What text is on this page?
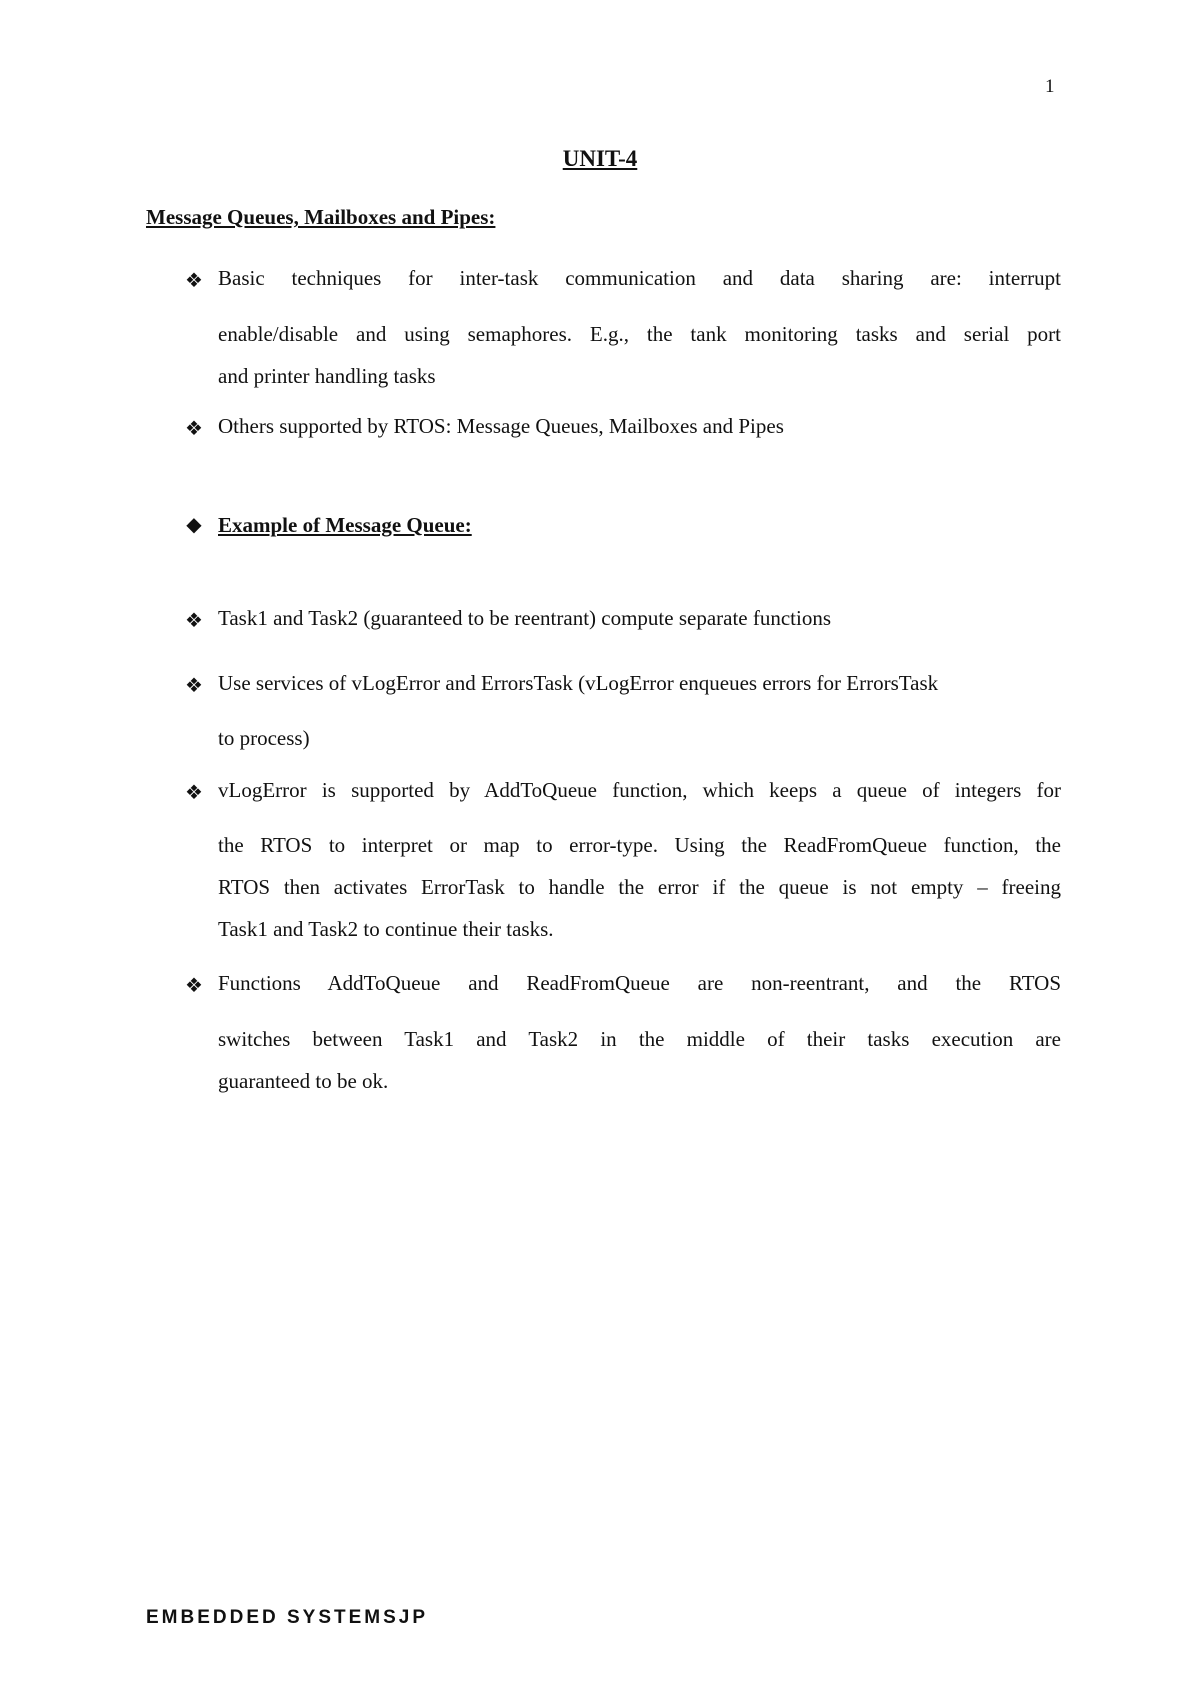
1
UNIT-4
Message Queues, Mailboxes and Pipes:
❖ Basic techniques for inter-task communication and data sharing are: interrupt
enable/disable and using semaphores. E.g., the tank monitoring tasks and serial port
and printer handling tasks
❖ Others supported by RTOS: Message Queues, Mailboxes and Pipes
◆ Example of Message Queue:
❖ Task1 and Task2 (guaranteed to be reentrant) compute separate functions
❖ Use services of vLogError and ErrorsTask (vLogError enqueues errors for ErrorsTask
to process)
❖ vLogError is supported by AddToQueue function, which keeps a queue of integers for
the RTOS to interpret or map to error-type. Using the ReadFromQueue function, the
RTOS then activates ErrorTask to handle the error if the queue is not empty – freeing
Task1 and Task2 to continue their tasks.
❖ Functions AddToQueue and ReadFromQueue are non-reentrant, and the RTOS
switches between Task1 and Task2 in the middle of their tasks execution are
guaranteed to be ok.
EMBEDDED SYSTEMSJP
